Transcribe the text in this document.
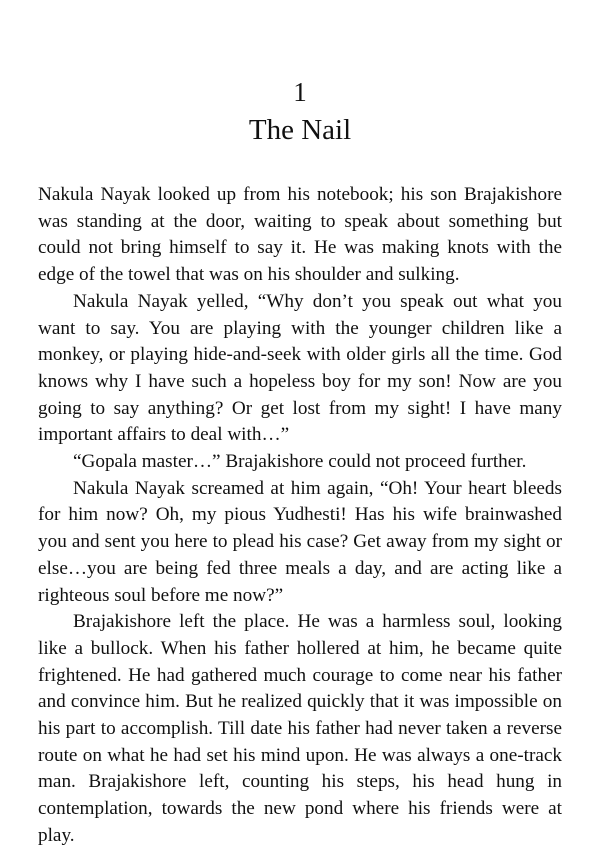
1
The Nail

Nakula Nayak looked up from his notebook; his son Brajakishore was standing at the door, waiting to speak about something but could not bring himself to say it. He was making knots with the edge of the towel that was on his shoulder and sulking.

Nakula Nayak yelled, “Why don’t you speak out what you want to say. You are playing with the younger children like a monkey, or playing hide-and-seek with older girls all the time. God knows why I have such a hopeless boy for my son! Now are you going to say anything? Or get lost from my sight! I have many important affairs to deal with…”

“Gopala master…” Brajakishore could not proceed further.

Nakula Nayak screamed at him again, “Oh! Your heart bleeds for him now? Oh, my pious Yudhesti! Has his wife brainwashed you and sent you here to plead his case? Get away from my sight or else…you are being fed three meals a day, and are acting like a righteous soul before me now?”

Brajakishore left the place. He was a harmless soul, looking like a bullock. When his father hollered at him, he became quite frightened. He had gathered much courage to come near his father and convince him. But he realized quickly that it was impossible on his part to accomplish. Till date his father had never taken a reverse route on what he had set his mind upon. He was always a one-track man. Brajakishore left, counting his steps, his head hung in contemplation, towards the new pond where his friends were at play.
